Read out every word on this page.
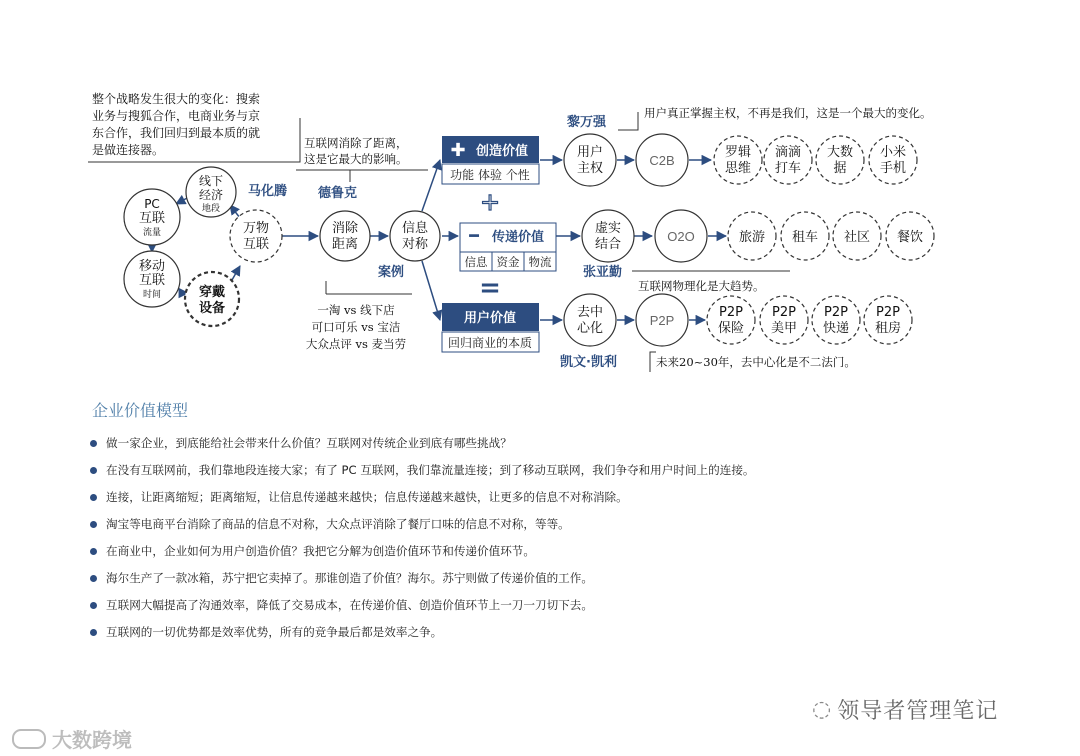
整个战略发生很大的变化：搜索
业务与搜狐合作，电商业务与京
东合作，我们回归到最本质的就
是做连接器。
PC
互联
流量
移动
互联
时间
线下
经济
地段
穿戴
设备
万物
互联
马化腾
互联网消除了距离，
这是它最大的影响。
德鲁克
消除
距离
信息
对称
案例
一淘 vs 线下店
可口可乐 vs 宝洁
大众点评 vs 麦当劳
✚ 创造价值
功能 体验 个性
+
━ 传递价值
信息 资金 物流
=
用户价值
回归商业的本质
黎万强
用户真正掌握主权，不再是我们，这是一个最大的变化。
用户
主权
C2B
罗辑
思维
滴滴
打车
大数
据
小米
手机
虚实
结合
O2O
张亚勤
互联网物理化是大趋势。
旅游 租车 社区 餐饮
去中
心化
P2P
P2P
保险
P2P
美甲
P2P
快递
P2P
租房
凯文·凯利	未来20~30年，去中心化是不二法门。
企业价值模型
做一家企业，到底能给社会带来什么价值？互联网对传统企业到底有哪些挑战？
在没有互联网前，我们靠地段连接大家；有了 PC 互联网，我们靠流量连接；到了移动互联网，我们争夺和用户时间上的连接。
连接，让距离缩短；距离缩短，让信息传递越来越快；信息传递越来越快，让更多的信息不对称消除。
淘宝等电商平台消除了商品的信息不对称，大众点评消除了餐厅口味的信息不对称，等等。
在商业中，企业如何为用户创造价值？我把它分解为创造价值环节和传递价值环节。
海尔生产了一款冰箱，苏宁把它卖掉了。那谁创造了价值？海尔。苏宁则做了传递价值的工作。
互联网大幅提高了沟通效率，降低了交易成本，在传递价值、创造价值环节上一刀一刀切下去。
互联网的一切优势都是效率优势，所有的竞争最后都是效率之争。
◌ 领导者管理笔记
大数跨境
